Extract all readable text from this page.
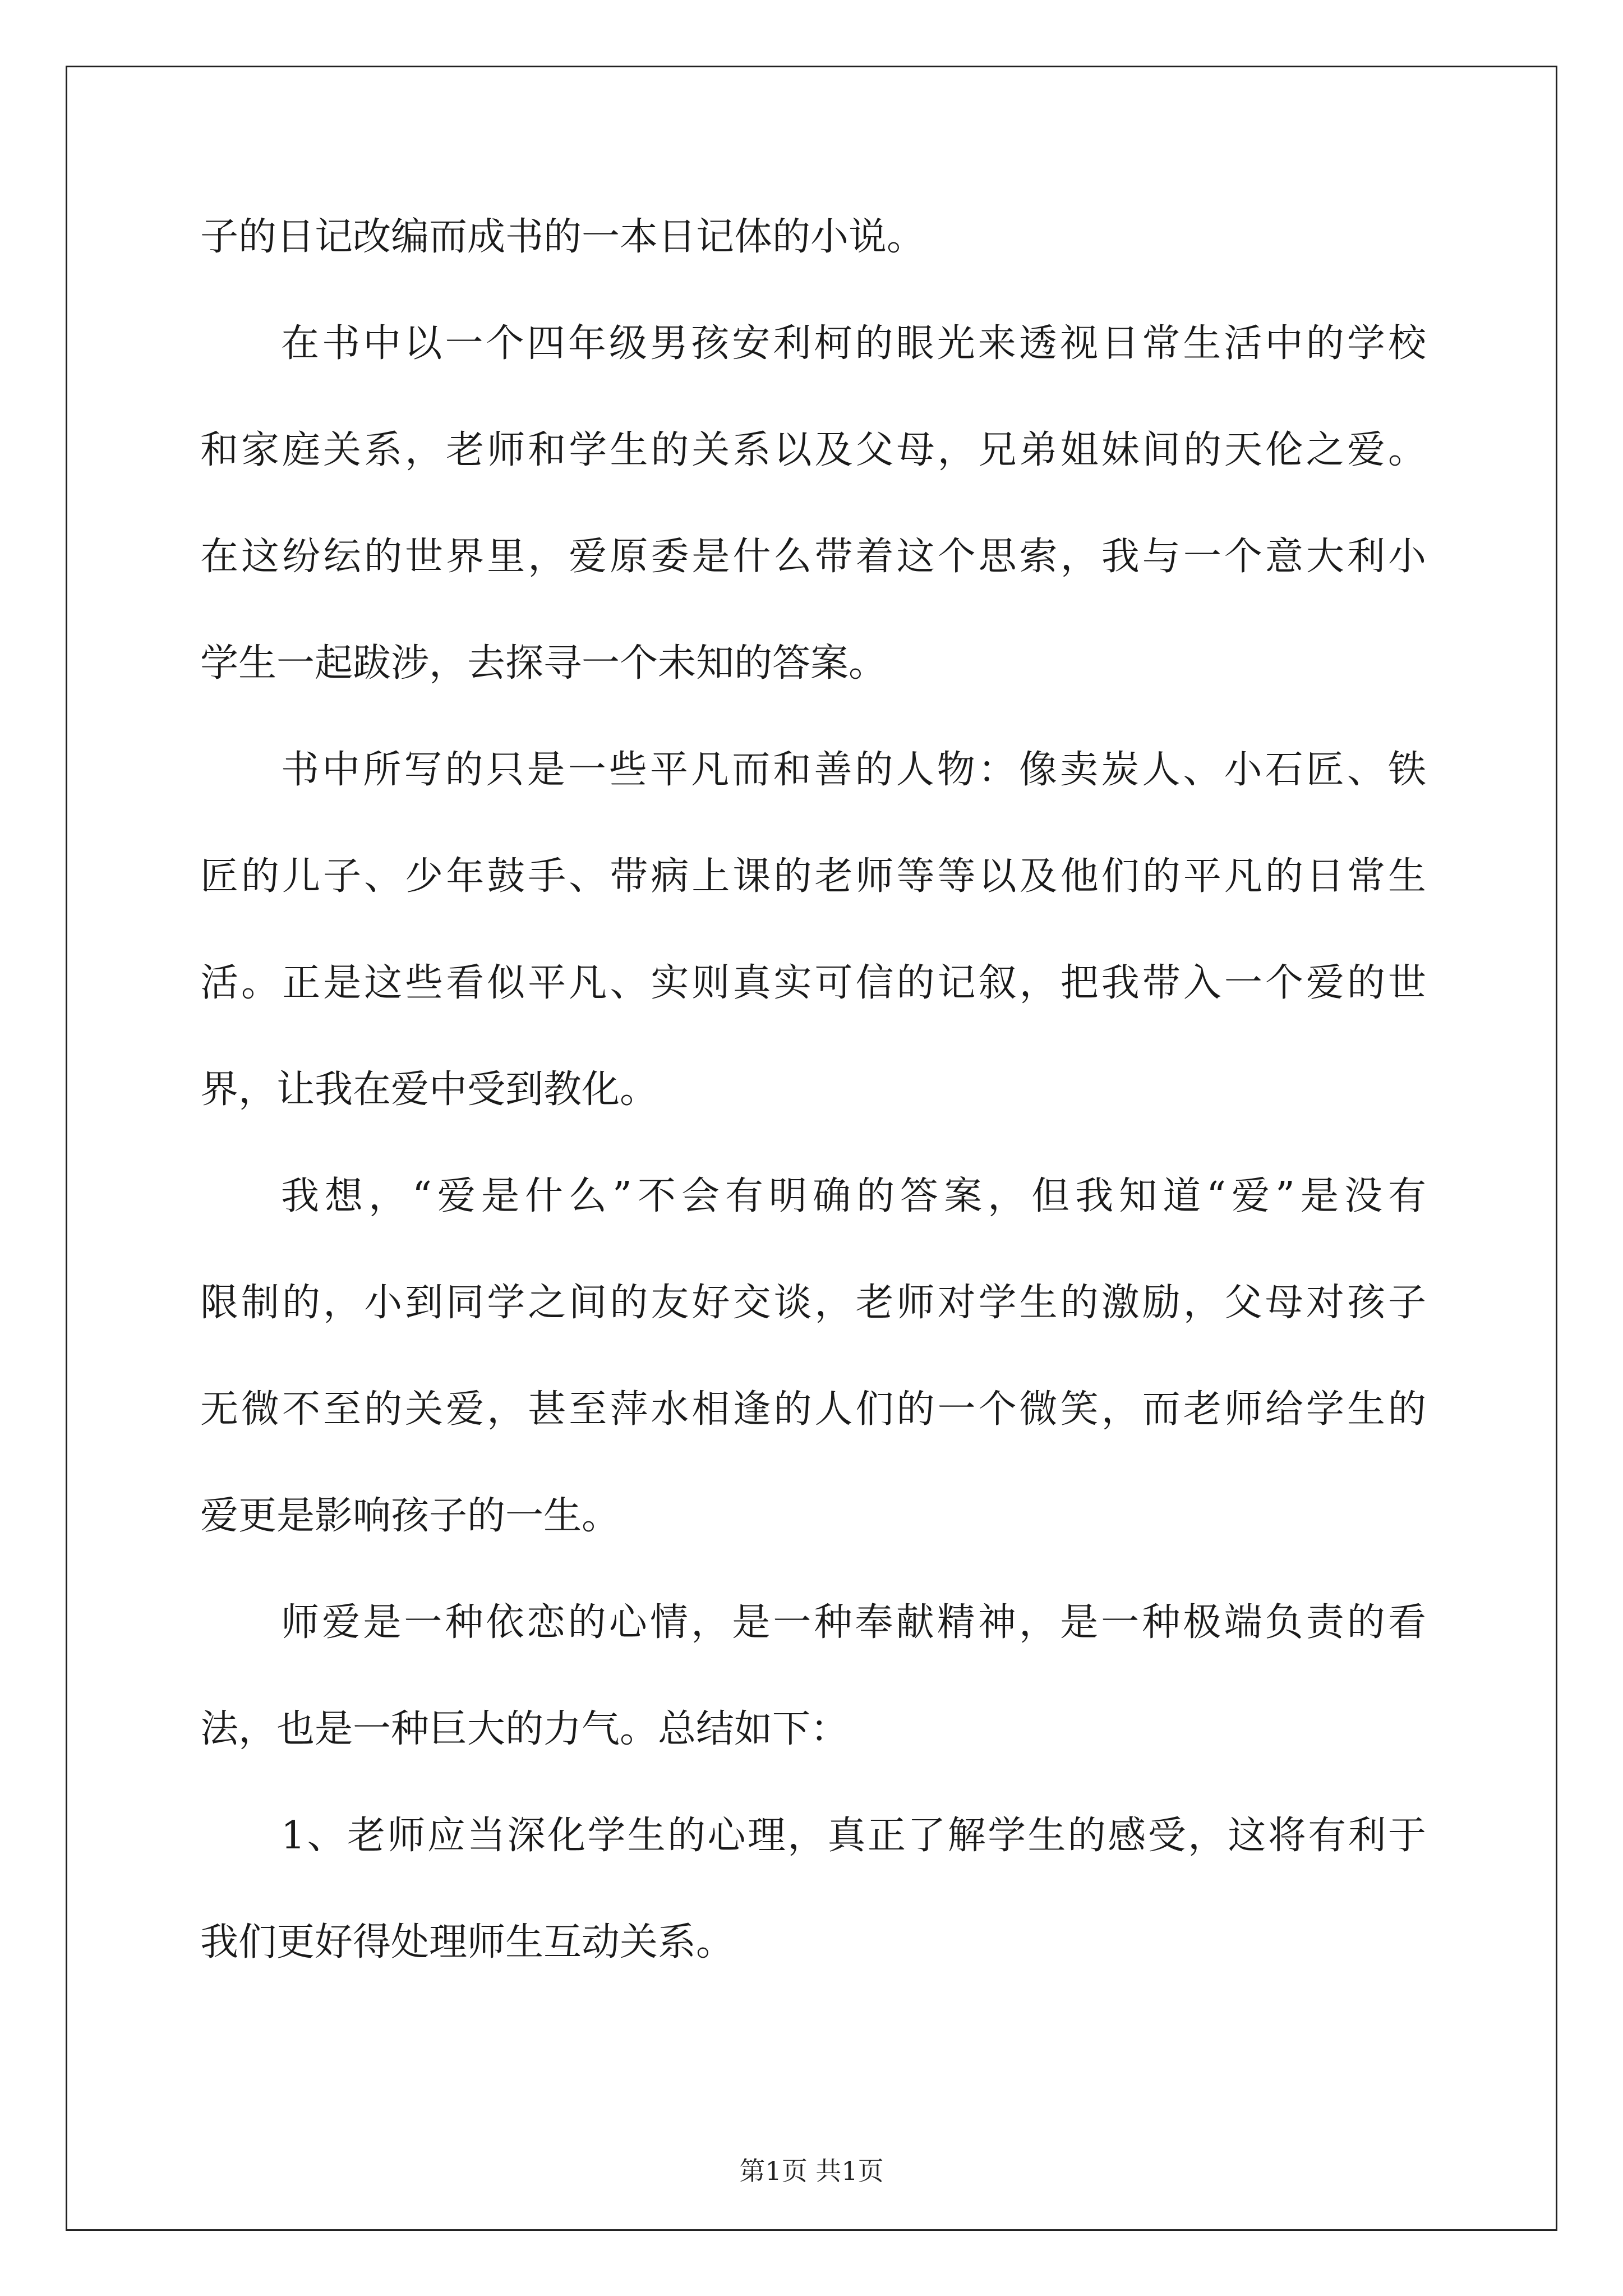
子的日记改编而成书的一本日记体的小说。
在书中以一个四年级男孩安利柯的眼光来透视日常生活中的学校
和家庭关系，老师和学生的关系以及父母，兄弟姐妹间的天伦之爱。
在这纷纭的世界里，爱原委是什么带着这个思索，我与一个意大利小
学生一起跋涉，去探寻一个未知的答案。
书中所写的只是一些平凡而和善的人物：像卖炭人、小石匠、铁
匠的儿子、少年鼓手、带病上课的老师等等以及他们的平凡的日常生
活。正是这些看似平凡、实则真实可信的记叙，把我带入一个爱的世
界，让我在爱中受到教化。
我想，“爱是什么”不会有明确的答案，但我知道“爱”是没有
限制的，小到同学之间的友好交谈，老师对学生的激励，父母对孩子
无微不至的关爱，甚至萍水相逢的人们的一个微笑，而老师给学生的
爱更是影响孩子的一生。
师爱是一种依恋的心情，是一种奉献精神，是一种极端负责的看
法，也是一种巨大的力气。总结如下：
1、老师应当深化学生的心理，真正了解学生的感受，这将有利于
我们更好得处理师生互动关系。
第1页 共1页
